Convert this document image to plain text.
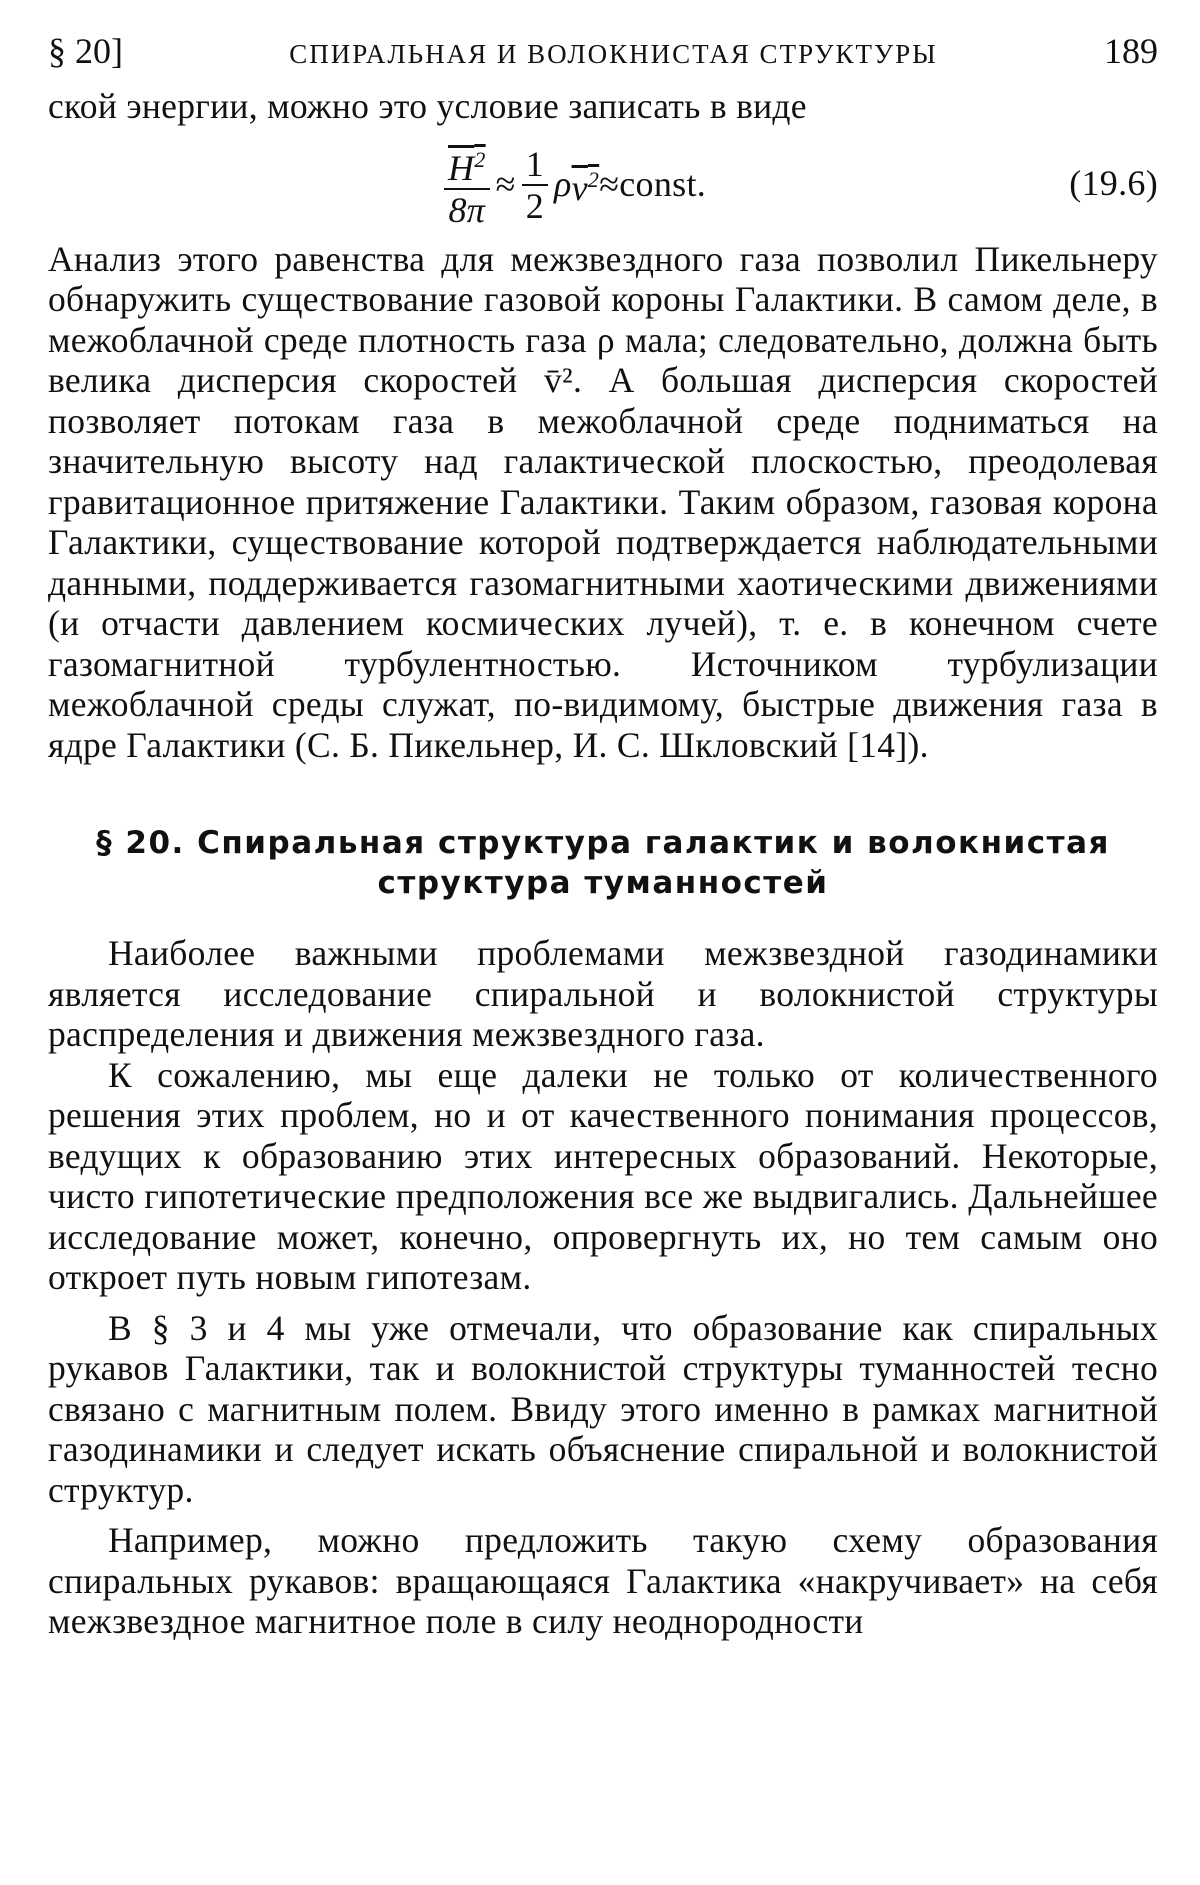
§ 20]	СПИРАЛЬНАЯ И ВОЛОКНИСТАЯ СТРУКТУРЫ	189

ской энергии, можно это условие записать в виде

$\frac{H^2}{8\pi} \approx \frac{1}{2}$ ρ $v^2$ ≈ const.	(19.6)

Анализ этого равенства для межзвездного газа позволил Пикельнеру обнаружить существование газовой короны Галактики. В самом деле, в межоблачной среде плотность газа ρ мала; следовательно, должна быть велика дисперсия скоростей v̄². А большая дисперсия скоростей позволяет потокам газа в межоблачной среде подниматься на значительную высоту над галактической плоскостью, преодолевая гравитационное притяжение Галактики. Таким образом, газовая корона Галактики, существование которой подтверждается наблюдательными данными, поддерживается газомагнитными хаотическими движениями (и отчасти давлением космических лучей), т. е. в конечном счете газомагнитной турбулентностью. Источником турбулизации межоблачной среды служат, по-видимому, быстрые движения газа в ядре Галактики (С. Б. Пикельнер, И. С. Шкловский [14]).

§ 20. Спиральная структура галактик и волокнистая
структура туманностей

Наиболее важными проблемами межзвездной газодинамики является исследование спиральной и волокнистой структуры распределения и движения межзвездного газа.

К сожалению, мы еще далеки не только от количественного решения этих проблем, но и от качественного понимания процессов, ведущих к образованию этих интересных образований. Некоторые, чисто гипотетические предположения все же выдвигались. Дальнейшее исследование может, конечно, опровергнуть их, но тем самым оно откроет путь новым гипотезам.

В § 3 и 4 мы уже отмечали, что образование как спиральных рукавов Галактики, так и волокнистой структуры туманностей тесно связано с магнитным полем. Ввиду этого именно в рамках магнитной газодинамики и следует искать объяснение спиральной и волокнистой структур.

Например, можно предложить такую схему образования спиральных рукавов: вращающаяся Галактика «накручивает» на себя межзвездное магнитное поле в силу неоднородности
